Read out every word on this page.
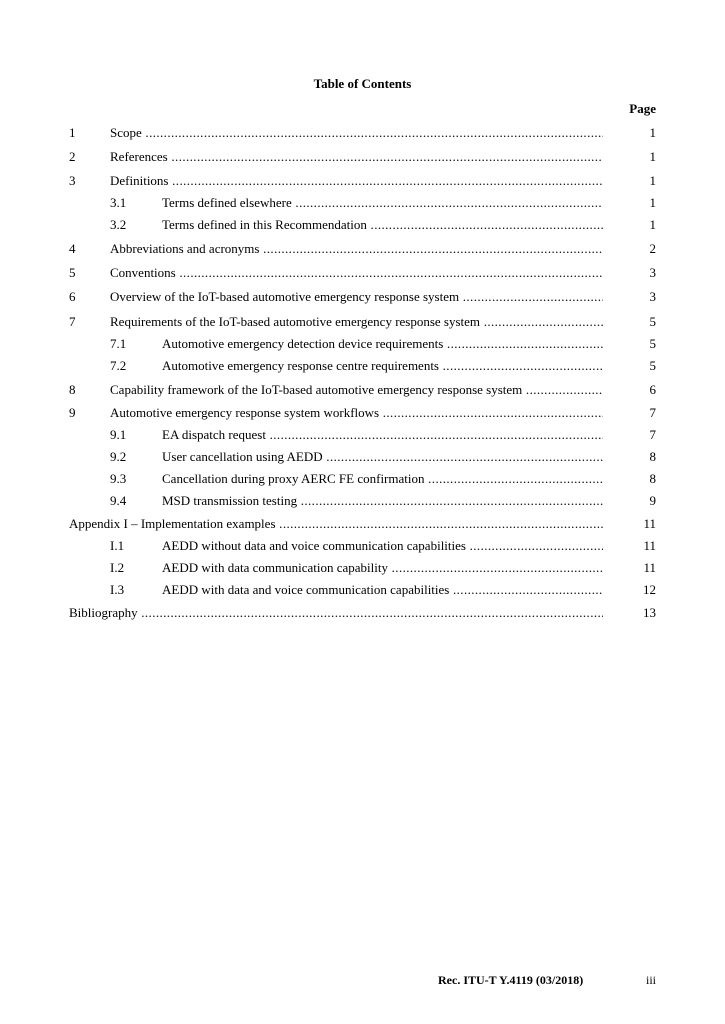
Table of Contents
Page
1	Scope .....	1
2	References .....	1
3	Definitions .....	1
3.1	Terms defined elsewhere .....	1
3.2	Terms defined in this Recommendation .....	1
4	Abbreviations and acronyms .....	2
5	Conventions .....	3
6	Overview of the IoT-based automotive emergency response system .....	3
7	Requirements of the IoT-based automotive emergency response system .....	5
7.1	Automotive emergency detection device requirements .....	5
7.2	Automotive emergency response centre requirements .....	5
8	Capability framework of the IoT-based automotive emergency response system .....	6
9	Automotive emergency response system workflows .....	7
9.1	EA dispatch request .....	7
9.2	User cancellation using AEDD .....	8
9.3	Cancellation during proxy AERC FE confirmation .....	8
9.4	MSD transmission testing .....	9
Appendix I – Implementation examples .....	11
I.1	AEDD without data and voice communication capabilities .....	11
I.2	AEDD with data communication capability .....	11
I.3	AEDD with data and voice communication capabilities .....	12
Bibliography .....	13
Rec. ITU-T Y.4119 (03/2018)	iii
